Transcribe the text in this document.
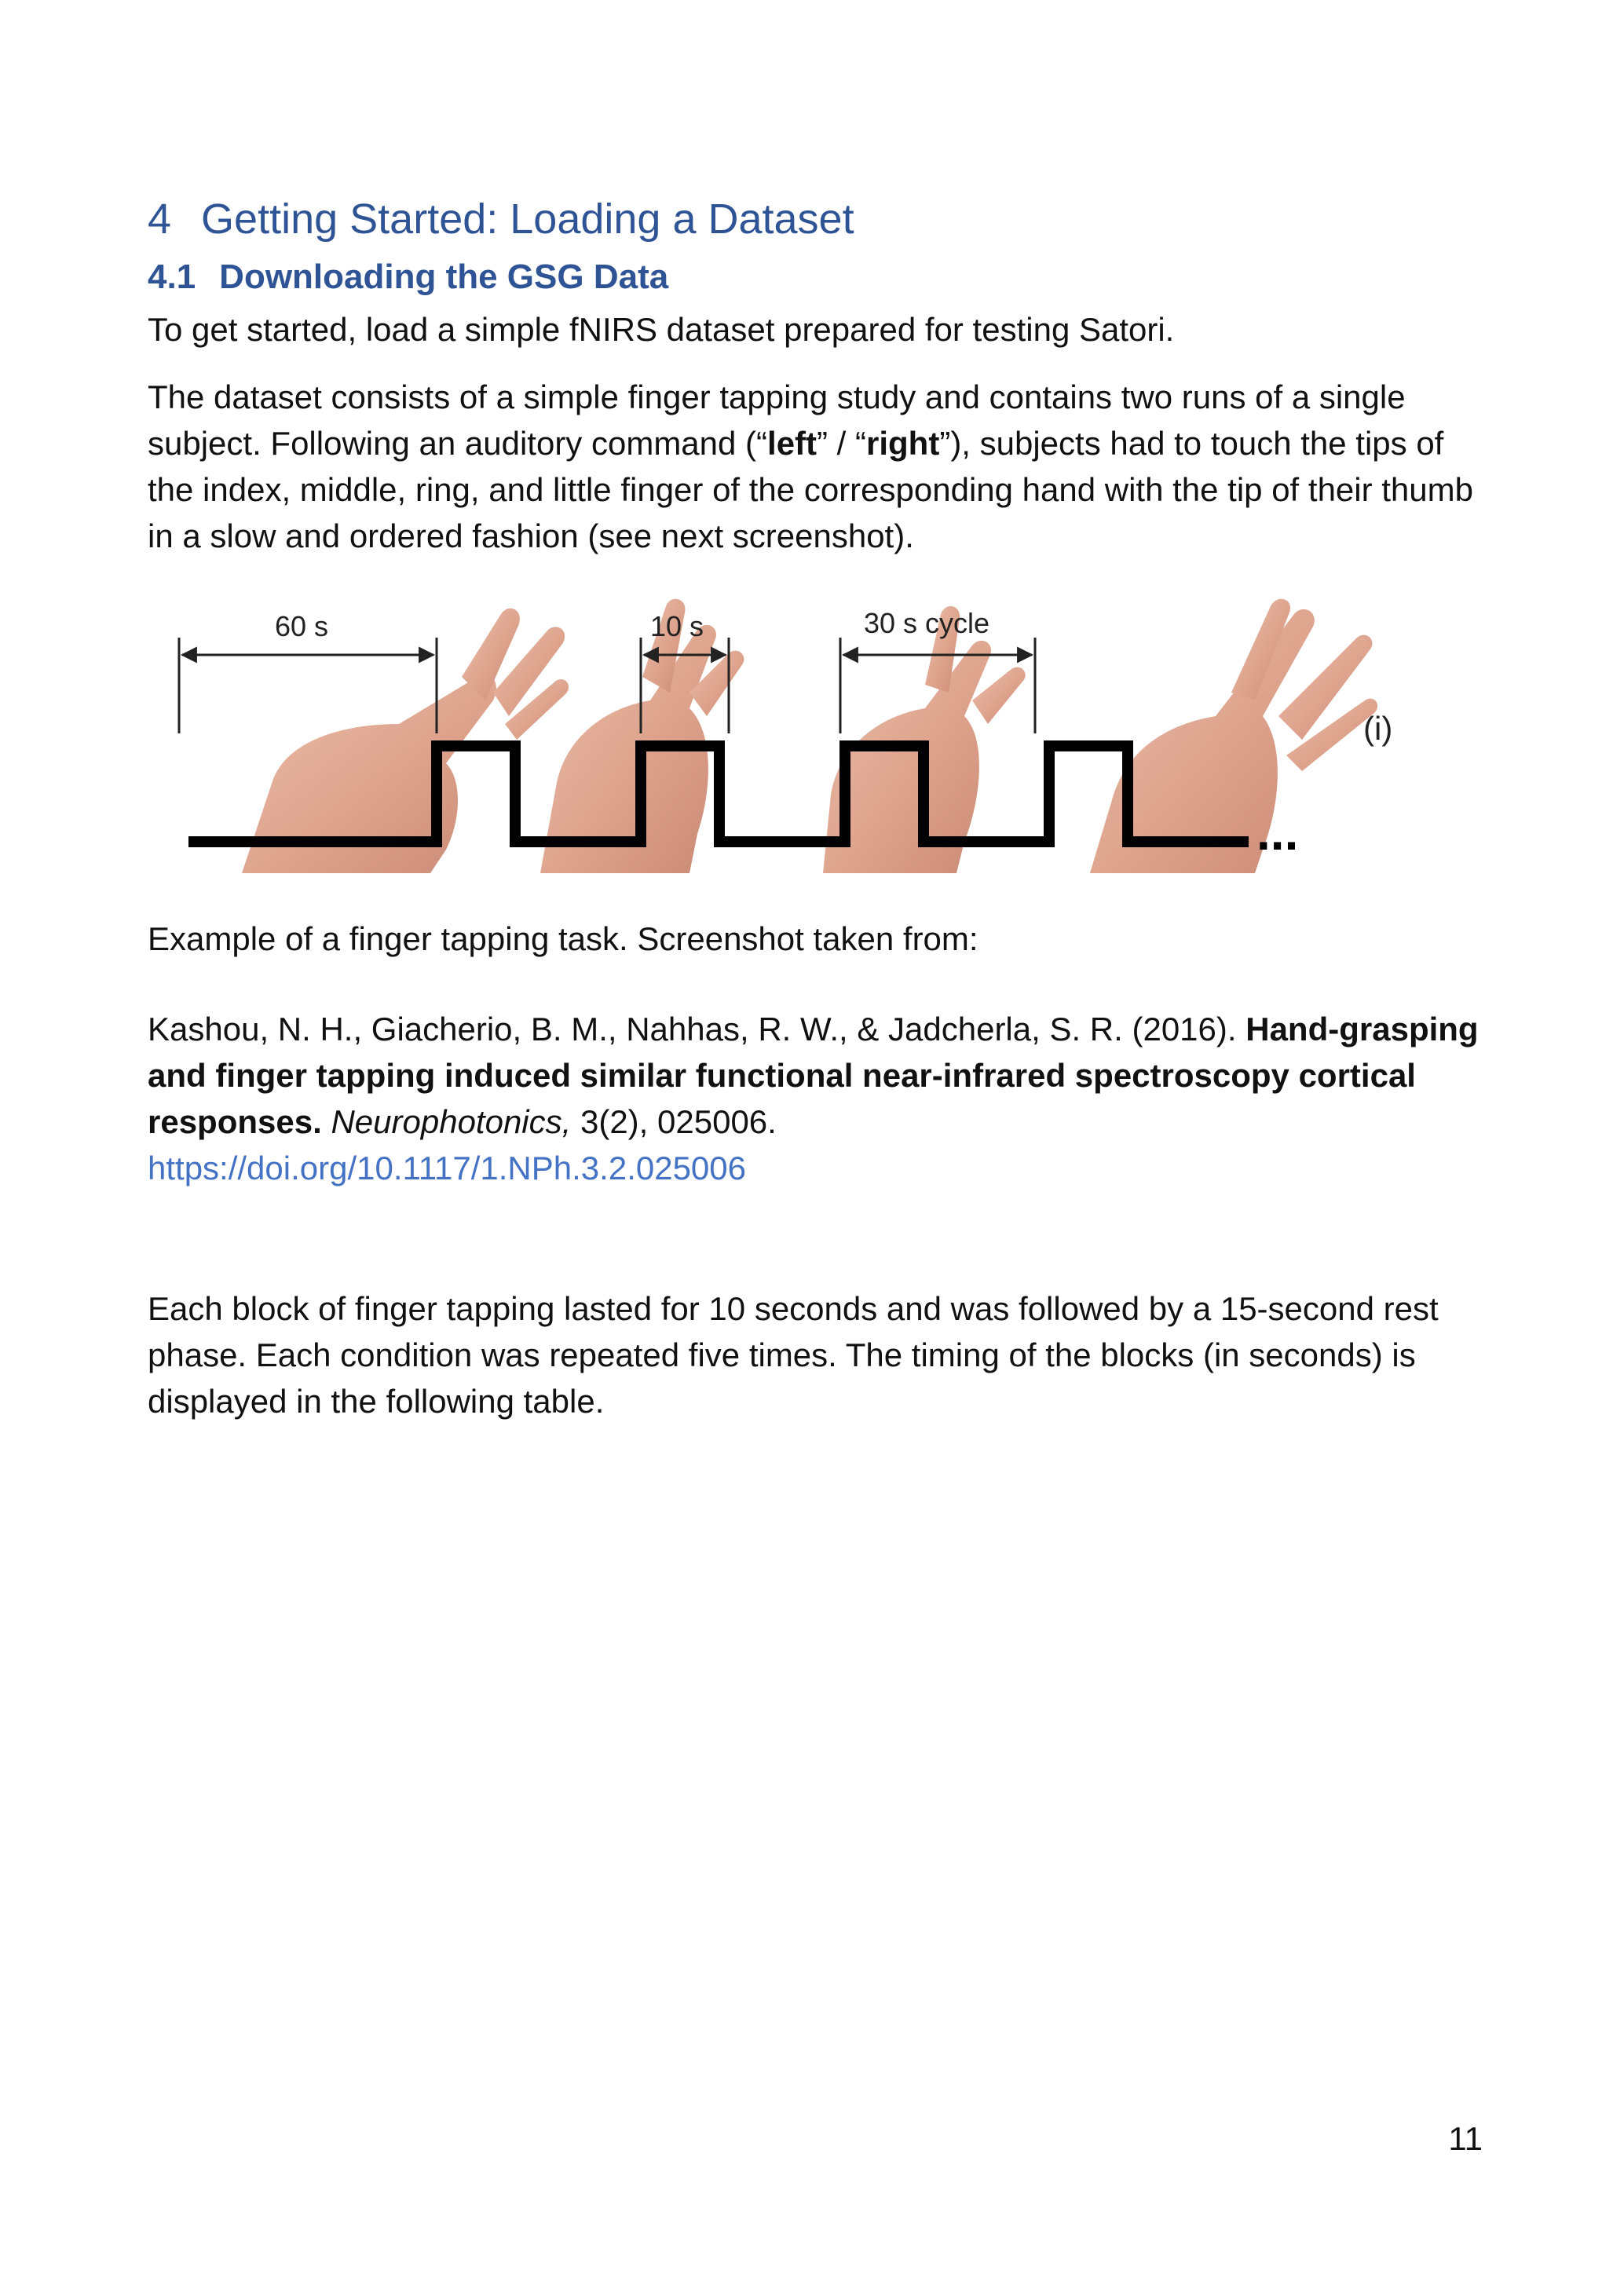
4 Getting Started: Loading a Dataset
4.1 Downloading the GSG Data

To get started, load a simple fNIRS dataset prepared for testing Satori.

The dataset consists of a simple finger tapping study and contains two runs of a single subject. Following an auditory command (“left” / “right”), subjects had to touch the tips of the index, middle, ring, and little finger of the corresponding hand with the tip of their thumb in a slow and ordered fashion (see next screenshot).

...
60 s	10 s	30 s cycle
(i)

Example of a finger tapping task. Screenshot taken from:

Kashou, N. H., Giacherio, B. M., Nahhas, R. W., & Jadcherla, S. R. (2016). Hand-grasping and finger tapping induced similar functional near-infrared spectroscopy cortical responses. Neurophotonics, 3(2), 025006.
https://doi.org/10.1117/1.NPh.3.2.025006

Each block of finger tapping lasted for 10 seconds and was followed by a 15-second rest phase. Each condition was repeated five times. The timing of the blocks (in seconds) is displayed in the following table.

11
